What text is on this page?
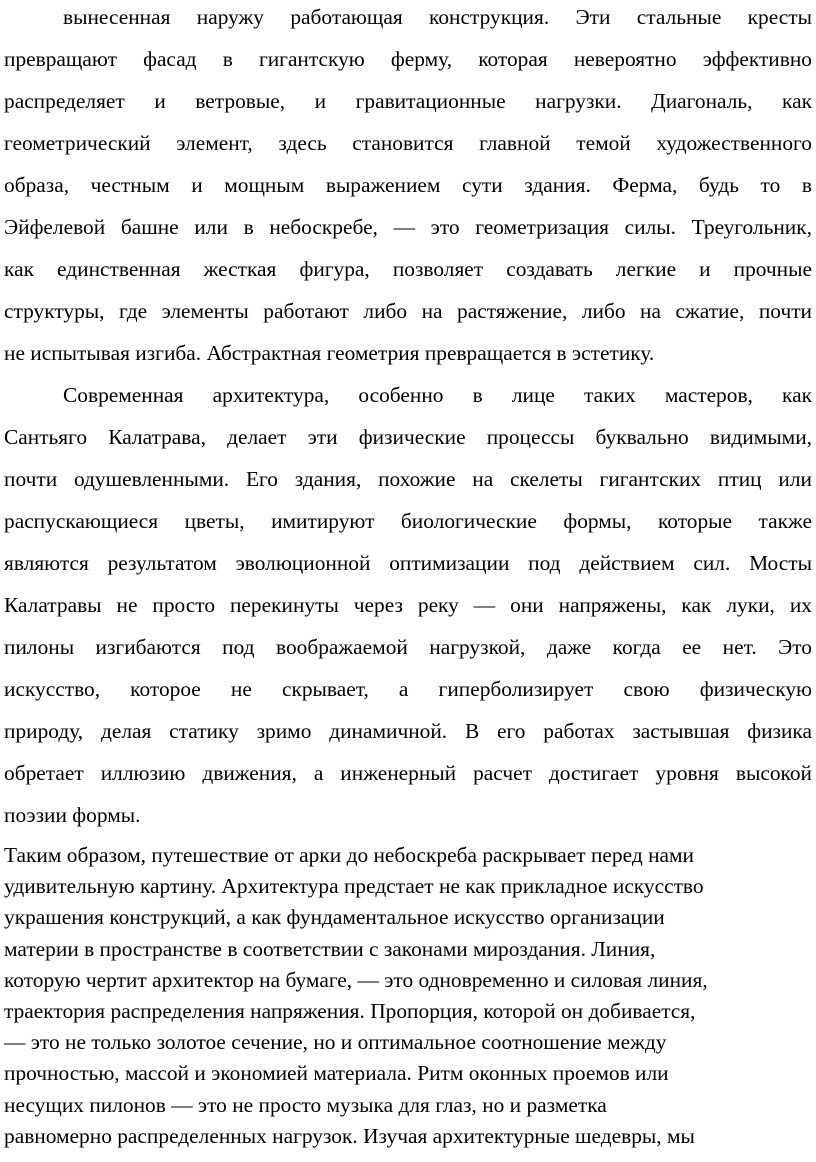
вынесенная наружу работающая конструкция. Эти стальные кресты
превращают фасад в гигантскую ферму, которая невероятно эффективно
распределяет и ветровые, и гравитационные нагрузки. Диагональ, как
геометрический элемент, здесь становится главной темой художественного
образа, честным и мощным выражением сути здания. Ферма, будь то в
Эйфелевой башне или в небоскребе, — это геометризация силы. Треугольник,
как единственная жесткая фигура, позволяет создавать легкие и прочные
структуры, где элементы работают либо на растяжение, либо на сжатие, почти
не испытывая изгиба. Абстрактная геометрия превращается в эстетику.
Современная архитектура, особенно в лице таких мастеров, как
Сантьяго Калатрава, делает эти физические процессы буквально видимыми,
почти одушевленными. Его здания, похожие на скелеты гигантских птиц или
распускающиеся цветы, имитируют биологические формы, которые также
являются результатом эволюционной оптимизации под действием сил. Мосты
Калатравы не просто перекинуты через реку — они напряжены, как луки, их
пилоны изгибаются под воображаемой нагрузкой, даже когда ее нет. Это
искусство, которое не скрывает, а гиперболизирует свою физическую
природу, делая статику зримо динамичной. В его работах застывшая физика
обретает иллюзию движения, а инженерный расчет достигает уровня высокой
поэзии формы.
Таким образом, путешествие от арки до небоскреба раскрывает перед нами
удивительную картину. Архитектура предстает не как прикладное искусство
украшения конструкций, а как фундаментальное искусство организации
материи в пространстве в соответствии с законами мироздания. Линия,
которую чертит архитектор на бумаге, — это одновременно и силовая линия,
траектория распределения напряжения. Пропорция, которой он добивается,
— это не только золотое сечение, но и оптимальное соотношение между
прочностью, массой и экономией материала. Ритм оконных проемов или
несущих пилонов — это не просто музыка для глаз, но и разметка
равномерно распределенных нагрузок. Изучая архитектурные шедевры, мы
